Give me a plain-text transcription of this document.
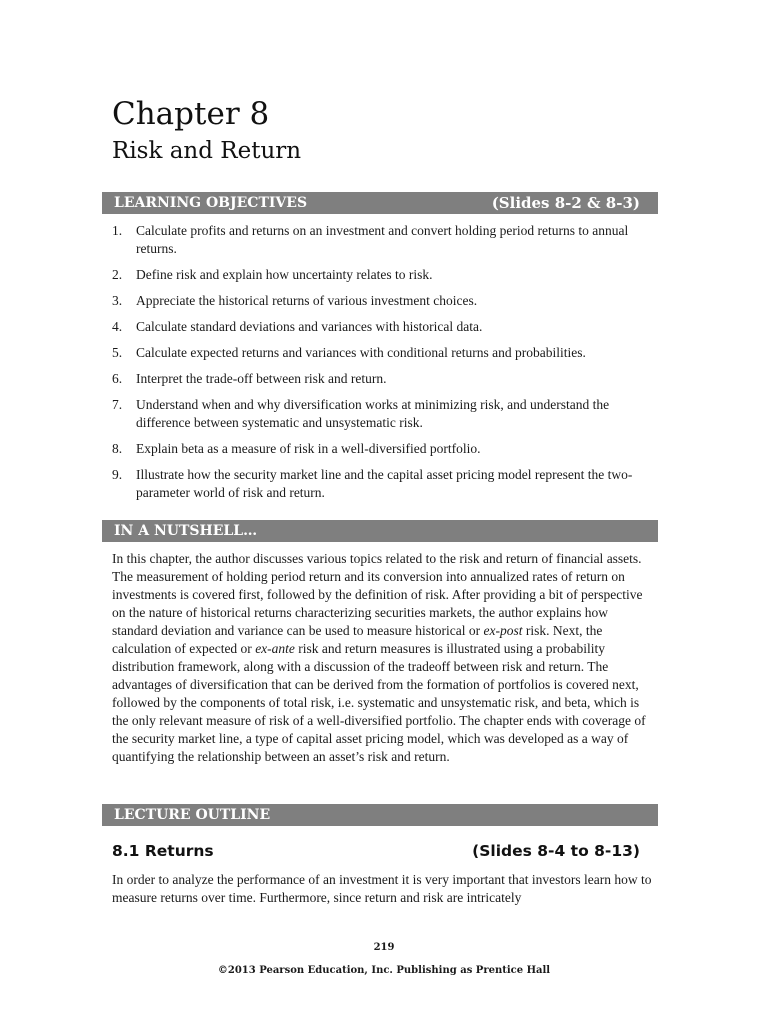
Chapter 8
Risk and Return
LEARNING OBJECTIVES	(Slides 8-2 & 8-3)
1.	Calculate profits and returns on an investment and convert holding period returns to annual returns.
2.	Define risk and explain how uncertainty relates to risk.
3.	Appreciate the historical returns of various investment choices.
4.	Calculate standard deviations and variances with historical data.
5.	Calculate expected returns and variances with conditional returns and probabilities.
6.	Interpret the trade-off between risk and return.
7.	Understand when and why diversification works at minimizing risk, and understand the difference between systematic and unsystematic risk.
8.	Explain beta as a measure of risk in a well-diversified portfolio.
9.	Illustrate how the security market line and the capital asset pricing model represent the two-parameter world of risk and return.
IN A NUTSHELL…

In this chapter, the author discusses various topics related to the risk and return of financial assets. The measurement of holding period return and its conversion into annualized rates of return on investments is covered first, followed by the definition of risk. After providing a bit of perspective on the nature of historical returns characterizing securities markets, the author explains how standard deviation and variance can be used to measure historical or ex-post risk. Next, the calculation of expected or ex-ante risk and return measures is illustrated using a probability distribution framework, along with a discussion of the tradeoff between risk and return. The advantages of diversification that can be derived from the formation of portfolios is covered next, followed by the components of total risk, i.e. systematic and unsystematic risk, and beta, which is the only relevant measure of risk of a well-diversified portfolio. The chapter ends with coverage of the security market line, a type of capital asset pricing model, which was developed as a way of quantifying the relationship between an asset’s risk and return.

LECTURE OUTLINE
8.1 Returns	(Slides 8-4 to 8-13)

In order to analyze the performance of an investment it is very important that investors learn how to measure returns over time. Furthermore, since return and risk are intricately

219
©2013 Pearson Education, Inc. Publishing as Prentice Hall
